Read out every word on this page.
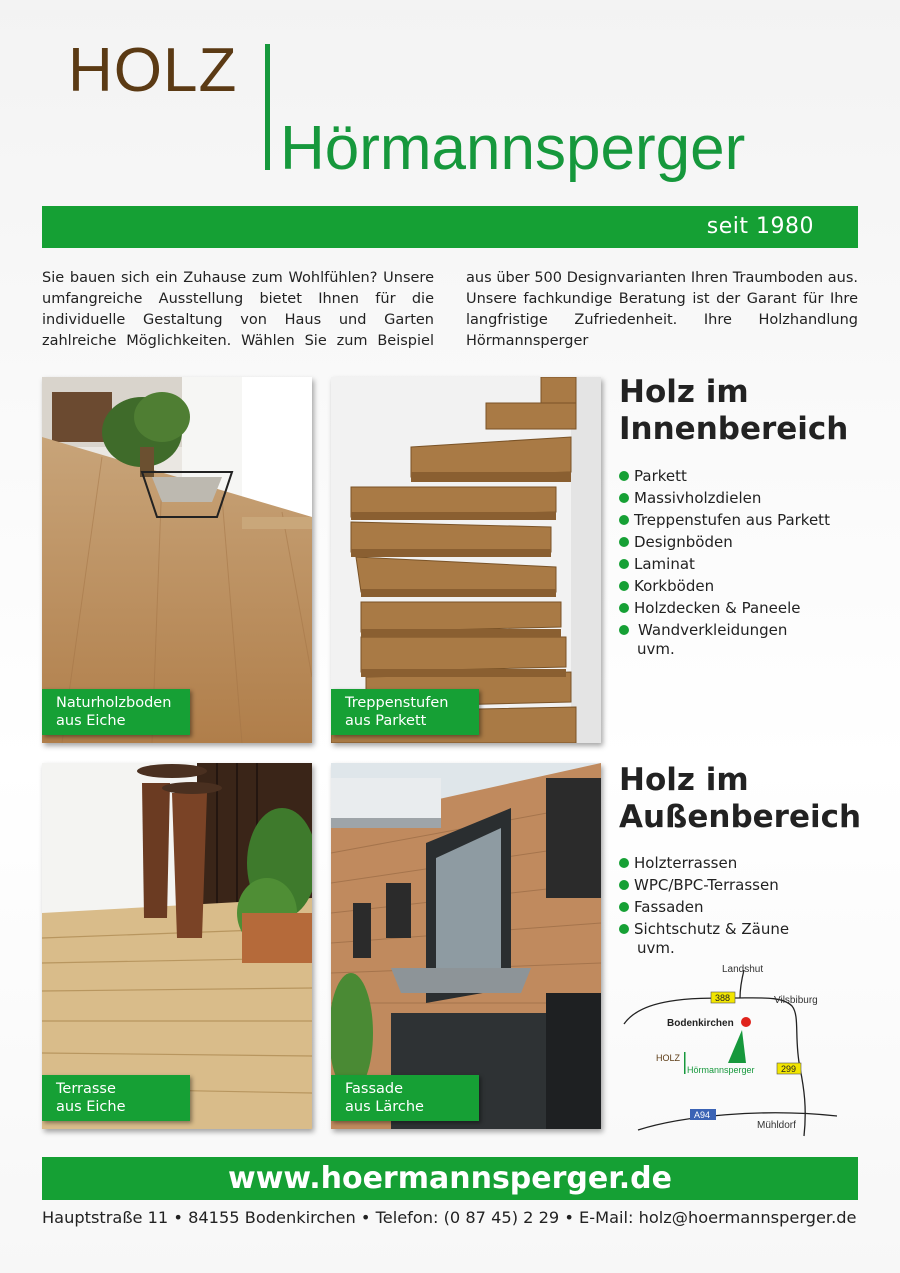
HOLZ
Hörmannsperger
seit 1980
Sie bauen sich ein Zuhause zum Wohlfühlen? Unsere umfangreiche Ausstellung bietet Ihnen für die individuelle Gestaltung von Haus und Garten zahlreiche Möglichkeiten. Wählen Sie zum Beispiel aus über 500 Designvarianten Ihren Traumboden aus. Unsere fachkundige Beratung ist der Garant für Ihre langfristige Zufriedenheit. Ihre Holzhandlung Hörmannsperger
Naturholzboden
aus Eiche
Treppenstufen
aus Parkett
Terrasse
aus Eiche
Fassade
aus Lärche
Holz im
Innenbereich
Parkett
Massivholzdielen
Treppenstufen aus Parkett
Designböden
Laminat
Korkböden
Holzdecken & Paneele
Wandverkleidungen
uvm.
Holz im
Außenbereich
Holzterrassen
WPC/BPC-Terrassen
Fassaden
Sichtschutz & Zäune
uvm.
Landshut
Vilsbiburg
388
Bodenkirchen
HOLZ
Hörmannsperger	299
A94
Mühldorf
www.hoermannsperger.de
Hauptstraße 11 • 84155 Bodenkirchen • Telefon: (0 87 45) 2 29 • E-Mail: holz@hoermannsperger.de
